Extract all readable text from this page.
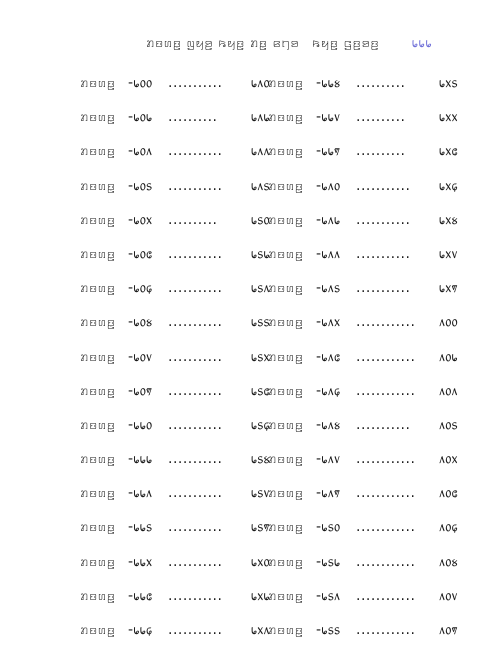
ꤊꤢꤛꤢ꤭ ꤜꤟꤤ꤬ ꤒꤟꤢ꤭ ꤊꤢ꤭ ꤕꤚꤤ ꤒꤟꤢ꤭ ꤞꤢ꤬ꤤꤢ꤬ ᥇᥇᥇
ꤊꤢꤛꤢ꤭ -᥇᥆᥆	...........	᥇᥈᥆
ꤊꤢꤛꤢ꤭ -᥇᥆᥇	..........	᥇᥈᥇
ꤊꤢꤛꤢ꤭ -᥇᥆᥈	...........	᥇᥈᥈
ꤊꤢꤛꤢ꤭ -᥇᥆᥉	...........	᥇᥈᥉
ꤊꤢꤛꤢ꤭ -᥇᥆᥊	..........	᥇᥉᥆
ꤊꤢꤛꤢ꤭ -᥇᥆᥋	...........	᥇᥉᥇
ꤊꤢꤛꤢ꤭ -᥇᥆᥌	...........	᥇᥉᥈
ꤊꤢꤛꤢ꤭ -᥇᥆᥍	...........	᥇᥉᥉
ꤊꤢꤛꤢ꤭ -᥇᥆᥎	...........	᥇᥉᥊
ꤊꤢꤛꤢ꤭ -᥇᥆᥏	...........	᥇᥉᥋
ꤊꤢꤛꤢ꤭ -᥇᥇᥆	...........	᥇᥉᥌
ꤊꤢꤛꤢ꤭ -᥇᥇᥇	...........	᥇᥉᥍
ꤊꤢꤛꤢ꤭ -᥇᥇᥈	...........	᥇᥉᥎
ꤊꤢꤛꤢ꤭ -᥇᥇᥉	...........	᥇᥉᥏
ꤊꤢꤛꤢ꤭ -᥇᥇᥊	...........	᥇᥊᥆
ꤊꤢꤛꤢ꤭ -᥇᥇᥋	...........	᥇᥊᥇
ꤊꤢꤛꤢ꤭ -᥇᥇᥌	...........	᥇᥊᥈
ꤊꤢꤛꤢ꤭ -᥇᥇᥍	..........	᥇᥊᥉
ꤊꤢꤛꤢ꤭ -᥇᥇᥎	..........	᥇᥊᥊
ꤊꤢꤛꤢ꤭ -᥇᥇᥏	..........	᥇᥊᥋
ꤊꤢꤛꤢ꤭ -᥇᥈᥆	...........	᥇᥊᥌
ꤊꤢꤛꤢ꤭ -᥇᥈᥇	...........	᥇᥊᥍
ꤊꤢꤛꤢ꤭ -᥇᥈᥈	...........	᥇᥊᥎
ꤊꤢꤛꤢ꤭ -᥇᥈᥉	...........	᥇᥊᥏
ꤊꤢꤛꤢ꤭ -᥇᥈᥊	............	᥈᥆᥆
ꤊꤢꤛꤢ꤭ -᥇᥈᥋	............	᥈᥆᥇
ꤊꤢꤛꤢ꤭ -᥇᥈᥌	............	᥈᥆᥈
ꤊꤢꤛꤢ꤭ -᥇᥈᥍	...........	᥈᥆᥉
ꤊꤢꤛꤢ꤭ -᥇᥈᥎	............	᥈᥆᥊
ꤊꤢꤛꤢ꤭ -᥇᥈᥏	............	᥈᥆᥋
ꤊꤢꤛꤢ꤭ -᥇᥉᥆	............	᥈᥆᥌
ꤊꤢꤛꤢ꤭ -᥇᥉᥇	............	᥈᥆᥍
ꤊꤢꤛꤢ꤭ -᥇᥉᥈	............	᥈᥆᥎
ꤊꤢꤛꤢ꤭ -᥇᥉᥉	............	᥈᥆᥏
